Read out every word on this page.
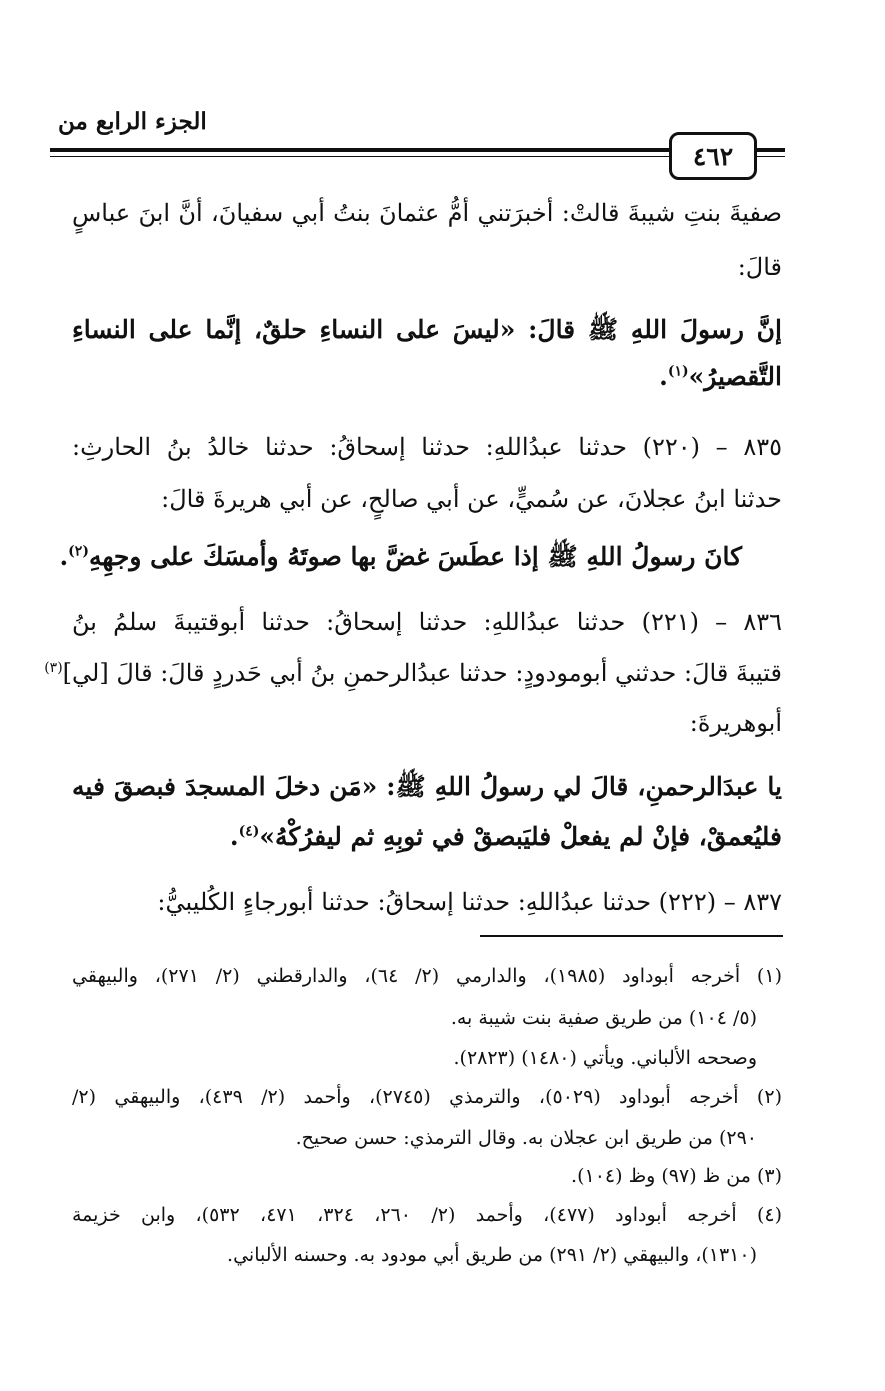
٤٦٢
الجزء الرابع من
صفيةَ بنتِ شيبةَ قالتْ: أخبرَتني أمُّ عثمانَ بنتُ أبي سفيانَ، أنَّ ابنَ عباسٍ
قالَ:
إنَّ رسولَ اللهِ ﷺ قالَ: «ليسَ على النساءِ حلقٌ، إنَّما على النساءِ
التَّقصيرُ»$^{(١)}$.
٨٣٥ – (٢٢٠) حدثنا عبدُاللهِ: حدثنا إسحاقُ: حدثنا خالدُ بنُ الحارثِ:
حدثنا ابنُ عجلانَ، عن سُميٍّ، عن أبي صالحٍ، عن أبي هريرةَ قالَ:
كانَ رسولُ اللهِ ﷺ إذا عطَسَ غضَّ بها صوتَهُ وأمسَكَ على وجهِهِ$^{(٢)}$.
٨٣٦ – (٢٢١) حدثنا عبدُاللهِ: حدثنا إسحاقُ: حدثنا أبوقتيبةَ سلمُ بنُ
قتيبةَ قالَ: حدثني أبومودودٍ: حدثنا عبدُالرحمنِ بنُ أبي حَدردٍ قالَ: قالَ [لي]$^{(٣)}$
أبوهريرةَ:
يا عبدَالرحمنِ، قالَ لي رسولُ اللهِ ﷺ: «مَن دخلَ المسجدَ فبصقَ فيه
فليُعمقْ، فإنْ لم يفعلْ فليَبصقْ في ثوبِهِ ثم ليفرُكْهُ»$^{(٤)}$.
٨٣٧ – (٢٢٢) حدثنا عبدُاللهِ: حدثنا إسحاقُ: حدثنا أبورجاءٍ الكُليبيُّ:
(١) أخرجه أبوداود (١٩٨٥)، والدارمي (٢/ ٦٤)، والدارقطني (٢/ ٢٧١)، والبيهقي
(٥/ ١٠٤) من طريق صفية بنت شيبة به.
وصححه الألباني. ويأتي (١٤٨٠) (٢٨٢٣).
(٢) أخرجه أبوداود (٥٠٢٩)، والترمذي (٢٧٤٥)، وأحمد (٢/ ٤٣٩)، والبيهقي (٢/
٢٩٠) من طريق ابن عجلان به. وقال الترمذي: حسن صحيح.
(٣) من ظ (٩٧) وظ (١٠٤).
(٤) أخرجه أبوداود (٤٧٧)، وأحمد (٢/ ٢٦٠، ٣٢٤، ٤٧١، ٥٣٢)، وابن خزيمة
(١٣١٠)، والبيهقي (٢/ ٢٩١) من طريق أبي مودود به. وحسنه الألباني.
